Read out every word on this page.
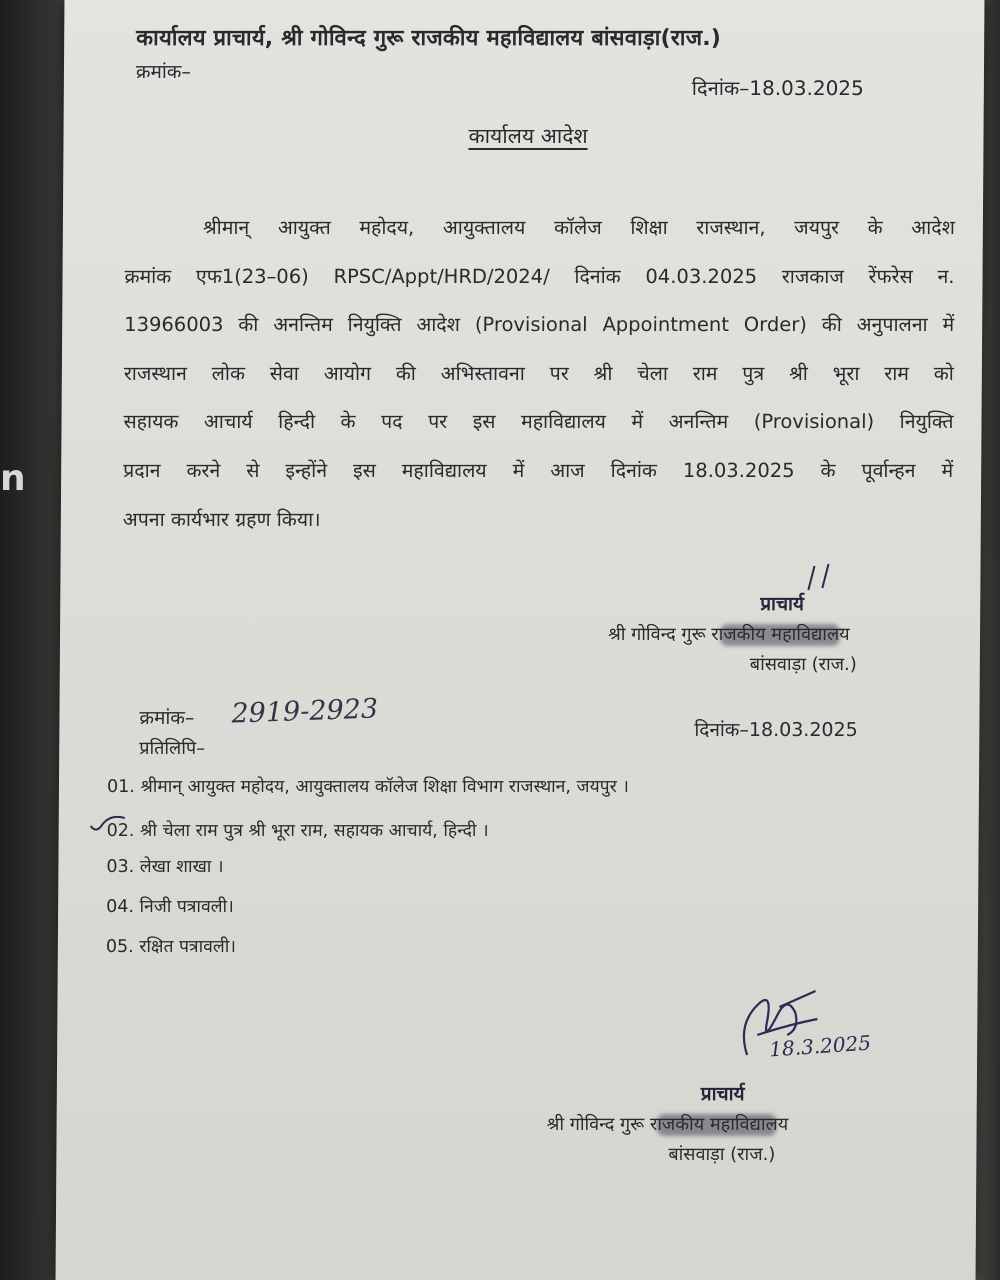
n
कार्यालय प्राचार्य, श्री गोविन्द गुरू राजकीय महाविद्यालय बांसवाड़ा(राज.)
क्रमांक–
दिनांक–18.03.2025
कार्यालय आदेश
श्रीमान् आयुक्त महोदय, आयुक्तालय कॉलेज शिक्षा राजस्थान, जयपुर के आदेश
क्रमांक एफ1(23–06) RPSC/Appt/HRD/2024/ दिनांक 04.03.2025 राजकाज रेंफरेस न.
13966003 की अनन्तिम नियुक्ति आदेश (Provisional Appointment Order) की अनुपालना में
राजस्थान लोक सेवा आयोग की अभिस्तावना पर श्री चेला राम पुत्र श्री भूरा राम को
सहायक आचार्य हिन्दी के पद पर इस महाविद्यालय में अनन्तिम (Provisional) नियुक्ति
प्रदान करने से इन्होंने इस महाविद्यालय में आज दिनांक 18.03.2025 के पूर्वान्हन में
अपना कार्यभार ग्रहण किया।
प्राचार्य
श्री गोविन्द गुरू राजकीय महाविद्यालय
बांसवाड़ा (राज.)
क्रमांक– 2919-2923
दिनांक–18.03.2025
प्रतिलिपि–
01. श्रीमान् आयुक्त महोदय, आयुक्तालय कॉलेज शिक्षा विभाग राजस्थान, जयपुर ।
02. श्री चेला राम पुत्र श्री भूरा राम, सहायक आचार्य, हिन्दी ।
03. लेखा शाखा ।
04. निजी पत्रावली।
05. रक्षित पत्रावली।
18.3.2025
प्राचार्य
श्री गोविन्द गुरू राजकीय महाविद्यालय
बांसवाड़ा (राज.)
